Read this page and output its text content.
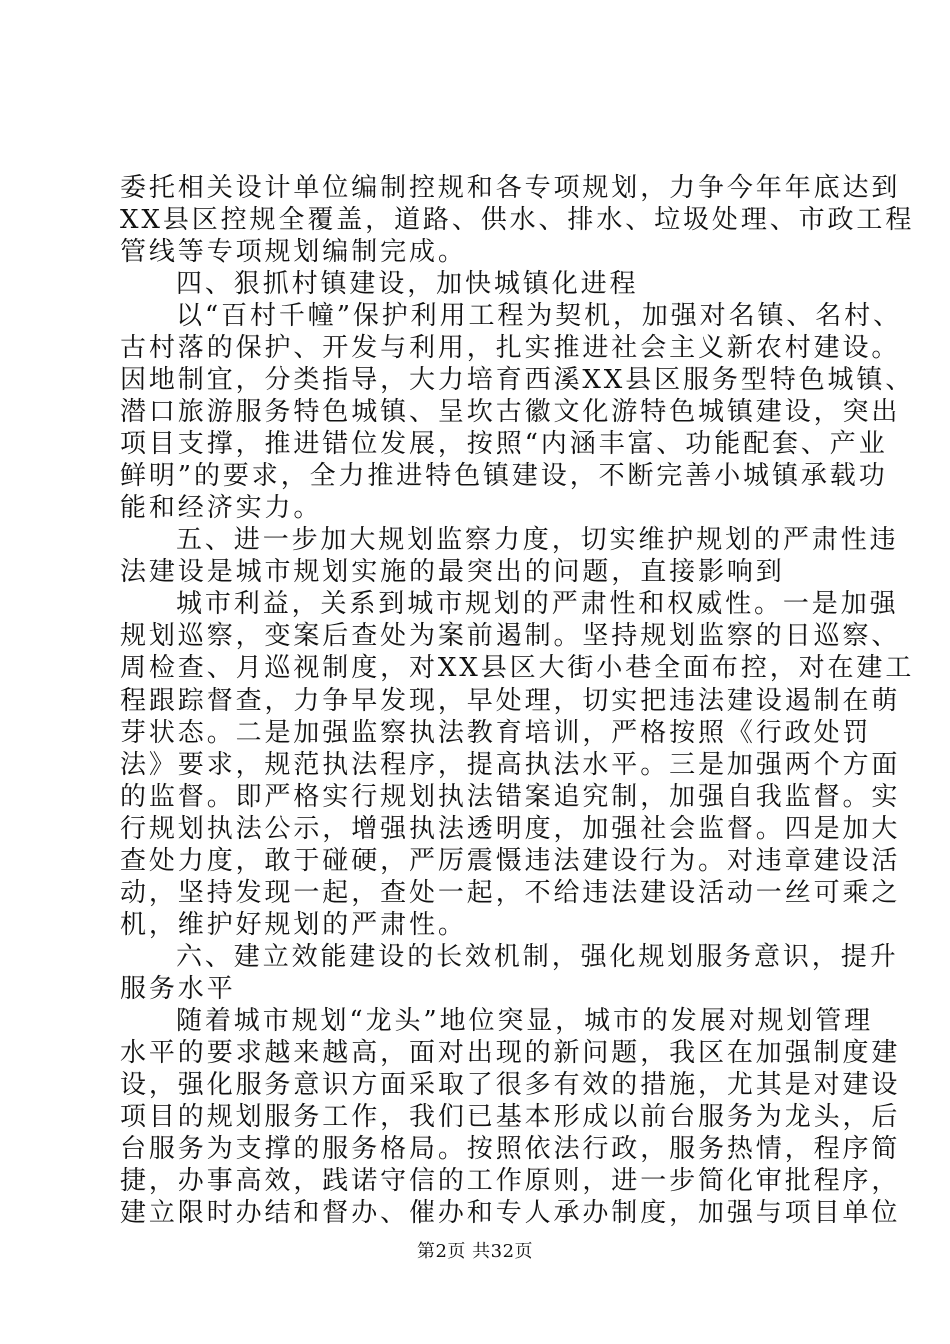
委托相关设计单位编制控规和各专项规划，力争今年年底达到
XX县区控规全覆盖，道路、供水、排水、垃圾处理、市政工程
管线等专项规划编制完成。
四、狠抓村镇建设，加快城镇化进程
以“百村千幢”保护利用工程为契机，加强对名镇、名村、
古村落的保护、开发与利用，扎实推进社会主义新农村建设。
因地制宜，分类指导，大力培育西溪XX县区服务型特色城镇、
潜口旅游服务特色城镇、呈坎古徽文化游特色城镇建设，突出
项目支撑，推进错位发展，按照“内涵丰富、功能配套、产业
鲜明”的要求，全力推进特色镇建设，不断完善小城镇承载功
能和经济实力。
五、进一步加大规划监察力度，切实维护规划的严肃性违
法建设是城市规划实施的最突出的问题，直接影响到
城市利益，关系到城市规划的严肃性和权威性。一是加强
规划巡察，变案后查处为案前遏制。坚持规划监察的日巡察、
周检查、月巡视制度，对XX县区大街小巷全面布控，对在建工
程跟踪督查，力争早发现，早处理，切实把违法建设遏制在萌
芽状态。二是加强监察执法教育培训，严格按照《行政处罚
法》要求，规范执法程序，提高执法水平。三是加强两个方面
的监督。即严格实行规划执法错案追究制，加强自我监督。实
行规划执法公示，增强执法透明度，加强社会监督。四是加大
查处力度，敢于碰硬，严厉震慑违法建设行为。对违章建设活
动，坚持发现一起，查处一起，不给违法建设活动一丝可乘之
机，维护好规划的严肃性。
六、建立效能建设的长效机制，强化规划服务意识，提升
服务水平
随着城市规划“龙头”地位突显，城市的发展对规划管理
水平的要求越来越高，面对出现的新问题，我区在加强制度建
设，强化服务意识方面采取了很多有效的措施，尤其是对建设
项目的规划服务工作，我们已基本形成以前台服务为龙头，后
台服务为支撑的服务格局。按照依法行政，服务热情，程序简
捷，办事高效，践诺守信的工作原则，进一步简化审批程序，
建立限时办结和督办、催办和专人承办制度，加强与项目单位
第2页 共32页
